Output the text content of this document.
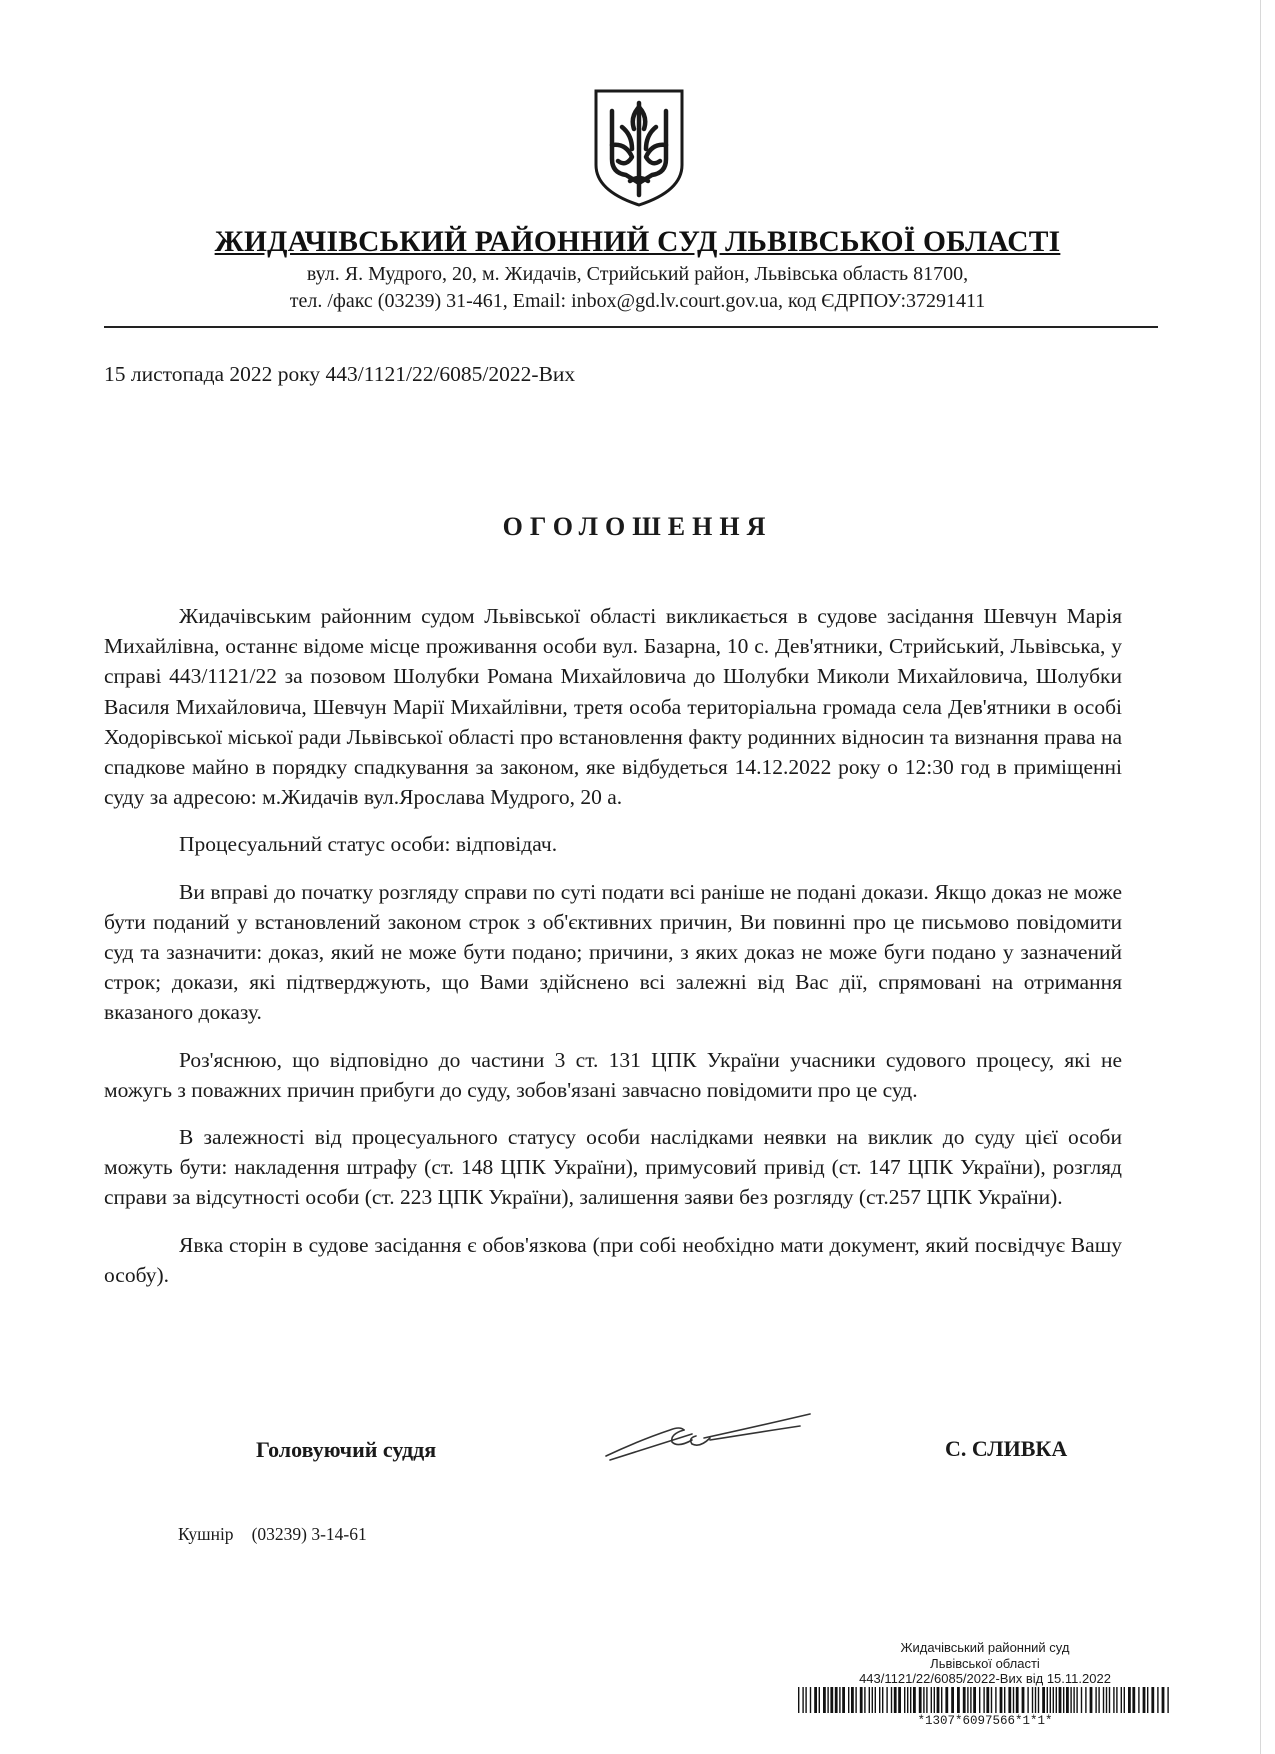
ЖИДАЧІВСЬКИЙ РАЙОННИЙ СУД ЛЬВІВСЬКОЇ ОБЛАСТІ
вул. Я. Мудрого, 20, м. Жидачів, Стрийський район, Львівська область 81700,
тел. /факс (03239) 31-461, Email: inbox@gd.lv.court.gov.ua, код ЄДРПОУ:37291411
15 листопада 2022 року 443/1121/22/6085/2022-Вих
ОГОЛОШЕННЯ

Жидачівським районним судом Львівської області викликається в судове засідання Шевчун Марія Михайлівна, останнє відоме місце проживання особи вул. Базарна, 10 с. Дев'ятники, Стрийський, Львівська, у справі 443/1121/22 за позовом Шолубки Романа Михайловича до Шолубки Миколи Михайловича, Шолубки Василя Михайловича, Шевчун Марії Михайлівни, третя особа територіальна громада села Дев'ятники в особі Ходорівської міської ради Львівської області про встановлення факту родинних відносин та визнання права на спадкове майно в порядку спадкування за законом, яке відбудеться 14.12.2022 року о 12:30 год в приміщенні суду за адресою: м.Жидачів вул.Ярослава Мудрого, 20 а.

Процесуальний статус особи: відповідач.

Ви вправі до початку розгляду справи по суті подати всі раніше не подані докази. Якщо доказ не може бути поданий у встановлений законом строк з об'єктивних причин, Ви повинні про це письмово повідомити суд та зазначити: доказ, який не може бути подано; причини, з яких доказ не може буги подано у зазначений строк; докази, які підтверджують, що Вами здійснено всі залежні від Вас дії, спрямовані на отримання вказаного доказу.

Роз'яснюю, що відповідно до частини 3 ст. 131 ЦПК України учасники судового процесу, які не можугь з поважних причин прибуги до суду, зобов'язані завчасно повідомити про це суд.

В залежності від процесуального статусу особи наслідками неявки на виклик до суду цієї особи можуть бути: накладення штрафу (ст. 148 ЦПК України), примусовий привід (ст. 147 ЦПК України), розгляд справи за відсутності особи (ст. 223 ЦПК України), залишення заяви без розгляду (ст.257 ЦПК України).

Явка сторін в судове засідання є обов'язкова (при собі необхідно мати документ, який посвідчує Вашу особу).

Головуючий суддя	С. СЛИВКА
Кушнір (03239) 3-14-61
Жидачівський районний суд
Львівської області
443/1121/22/6085/2022-Вих від 15.11.2022
*1307*6097566*1*1*
